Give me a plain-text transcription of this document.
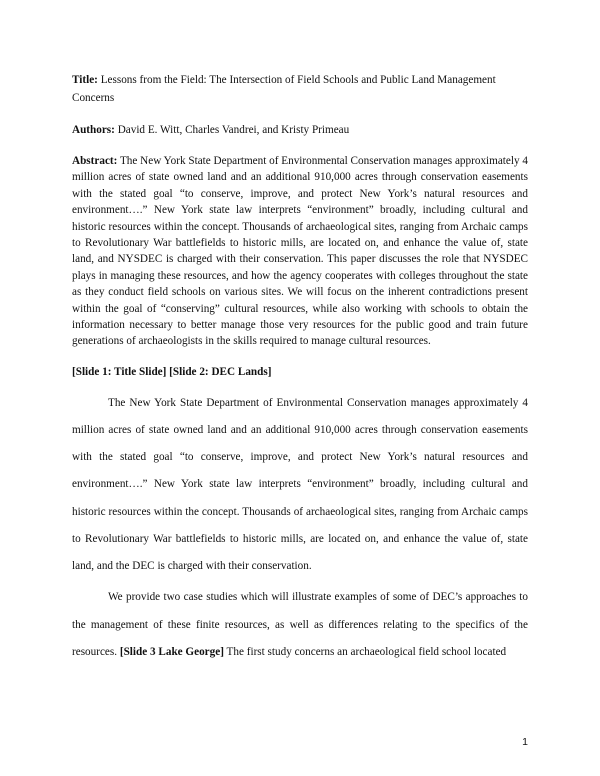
Title: Lessons from the Field: The Intersection of Field Schools and Public Land Management Concerns

Authors: David E. Witt, Charles Vandrei, and Kristy Primeau

Abstract: The New York State Department of Environmental Conservation manages approximately 4 million acres of state owned land and an additional 910,000 acres through conservation easements with the stated goal “to conserve, improve, and protect New York’s natural resources and environment….” New York state law interprets “environment” broadly, including cultural and historic resources within the concept. Thousands of archaeological sites, ranging from Archaic camps to Revolutionary War battlefields to historic mills, are located on, and enhance the value of, state land, and NYSDEC is charged with their conservation. This paper discusses the role that NYSDEC plays in managing these resources, and how the agency cooperates with colleges throughout the state as they conduct field schools on various sites. We will focus on the inherent contradictions present within the goal of “conserving” cultural resources, while also working with schools to obtain the information necessary to better manage those very resources for the public good and train future generations of archaeologists in the skills required to manage cultural resources.

[Slide 1: Title Slide] [Slide 2: DEC Lands]

The New York State Department of Environmental Conservation manages approximately 4 million acres of state owned land and an additional 910,000 acres through conservation easements with the stated goal “to conserve, improve, and protect New York’s natural resources and environment….” New York state law interprets “environment” broadly, including cultural and historic resources within the concept. Thousands of archaeological sites, ranging from Archaic camps to Revolutionary War battlefields to historic mills, are located on, and enhance the value of, state land, and the DEC is charged with their conservation.

We provide two case studies which will illustrate examples of some of DEC’s approaches to the management of these finite resources, as well as differences relating to the specifics of the resources. [Slide 3 Lake George] The first study concerns an archaeological field school located

1
